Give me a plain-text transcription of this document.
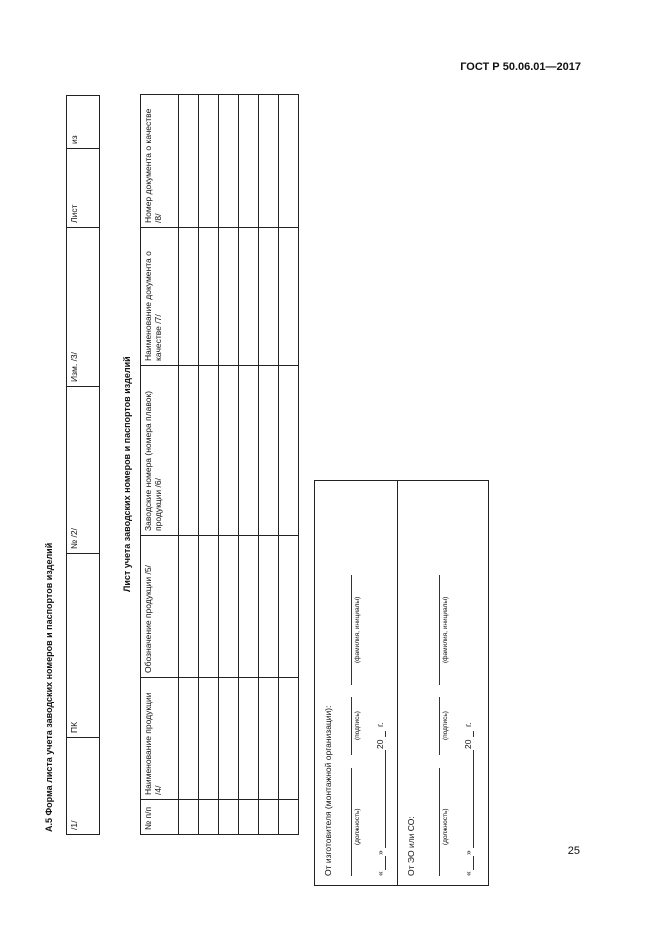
ГОСТ Р 50.06.01—2017
25
А.5 Форма листа учета заводских номеров и паспортов изделий /1/	ПК	№ /2/	Изм. /3/	Лист	из
Лист учета заводских номеров и паспортов изделий
№ п/п	Наименование продукции /4/	Обозначение продукции /5/	Заводские номера (номера плавок) продукции /6/	Наименование документа о качестве /7/	Номер документа о качестве /8/

От изготовителя (монтажной организации):	(должность)
(подпись)
(фамилия, инициалы)
«
»
20
г.
От ЭО или СО:	(должность)
(подпись)
(фамилия, инициалы)
«
»
20
г.
